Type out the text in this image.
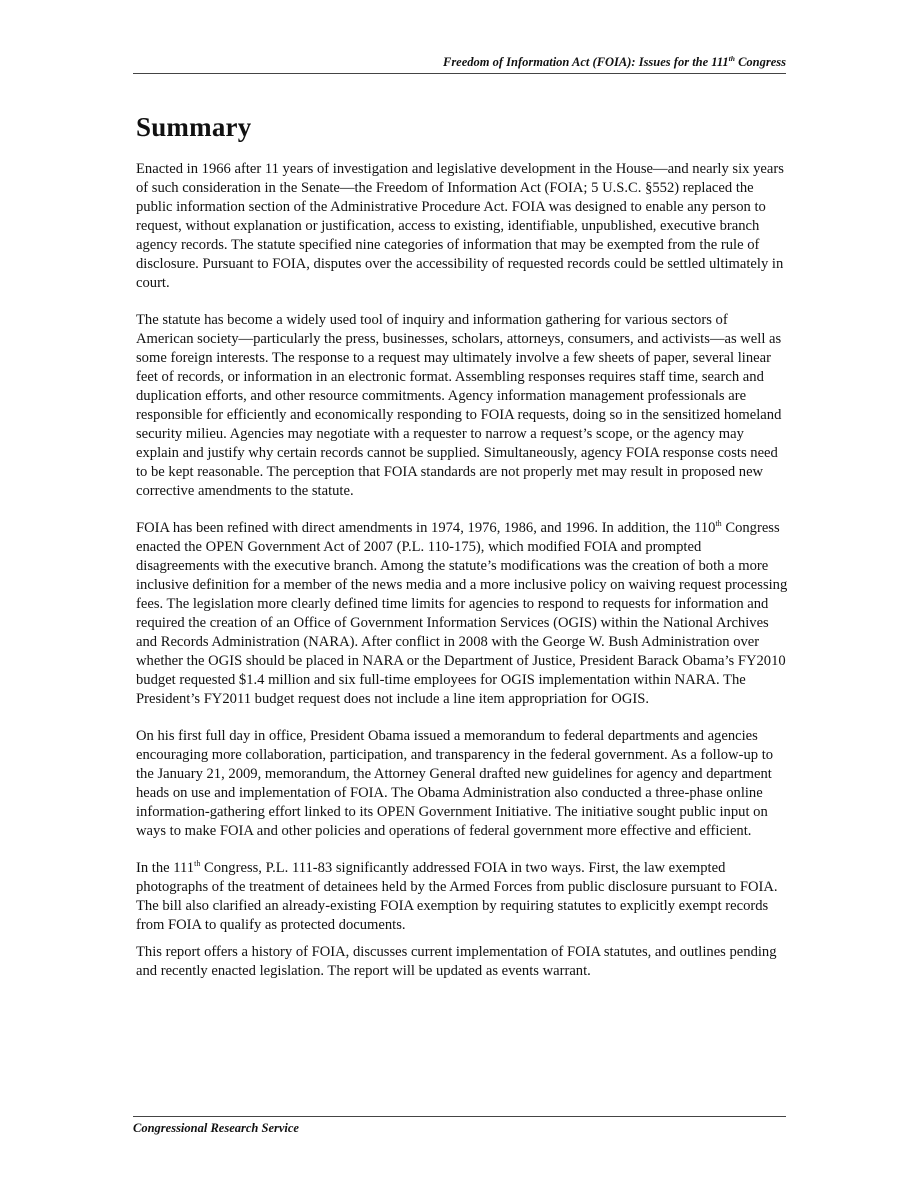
Freedom of Information Act (FOIA): Issues for the 111th Congress
Summary

Enacted in 1966 after 11 years of investigation and legislative development in the House—and nearly six years of such consideration in the Senate—the Freedom of Information Act (FOIA; 5 U.S.C. §552) replaced the public information section of the Administrative Procedure Act. FOIA was designed to enable any person to request, without explanation or justification, access to existing, identifiable, unpublished, executive branch agency records. The statute specified nine categories of information that may be exempted from the rule of disclosure. Pursuant to FOIA, disputes over the accessibility of requested records could be settled ultimately in court.

The statute has become a widely used tool of inquiry and information gathering for various sectors of American society—particularly the press, businesses, scholars, attorneys, consumers, and activists—as well as some foreign interests. The response to a request may ultimately involve a few sheets of paper, several linear feet of records, or information in an electronic format. Assembling responses requires staff time, search and duplication efforts, and other resource commitments. Agency information management professionals are responsible for efficiently and economically responding to FOIA requests, doing so in the sensitized homeland security milieu. Agencies may negotiate with a requester to narrow a request’s scope, or the agency may explain and justify why certain records cannot be supplied. Simultaneously, agency FOIA response costs need to be kept reasonable. The perception that FOIA standards are not properly met may result in proposed new corrective amendments to the statute.

FOIA has been refined with direct amendments in 1974, 1976, 1986, and 1996. In addition, the 110th Congress enacted the OPEN Government Act of 2007 (P.L. 110-175), which modified FOIA and prompted disagreements with the executive branch. Among the statute’s modifications was the creation of both a more inclusive definition for a member of the news media and a more inclusive policy on waiving request processing fees. The legislation more clearly defined time limits for agencies to respond to requests for information and required the creation of an Office of Government Information Services (OGIS) within the National Archives and Records Administration (NARA). After conflict in 2008 with the George W. Bush Administration over whether the OGIS should be placed in NARA or the Department of Justice, President Barack Obama’s FY2010 budget requested $1.4 million and six full-time employees for OGIS implementation within NARA. The President’s FY2011 budget request does not include a line item appropriation for OGIS.

On his first full day in office, President Obama issued a memorandum to federal departments and agencies encouraging more collaboration, participation, and transparency in the federal government. As a follow-up to the January 21, 2009, memorandum, the Attorney General drafted new guidelines for agency and department heads on use and implementation of FOIA. The Obama Administration also conducted a three-phase online information-gathering effort linked to its OPEN Government Initiative. The initiative sought public input on ways to make FOIA and other policies and operations of federal government more effective and efficient.

In the 111th Congress, P.L. 111-83 significantly addressed FOIA in two ways. First, the law exempted photographs of the treatment of detainees held by the Armed Forces from public disclosure pursuant to FOIA. The bill also clarified an already-existing FOIA exemption by requiring statutes to explicitly exempt records from FOIA to qualify as protected documents.

This report offers a history of FOIA, discusses current implementation of FOIA statutes, and outlines pending and recently enacted legislation. The report will be updated as events warrant.

Congressional Research Service
